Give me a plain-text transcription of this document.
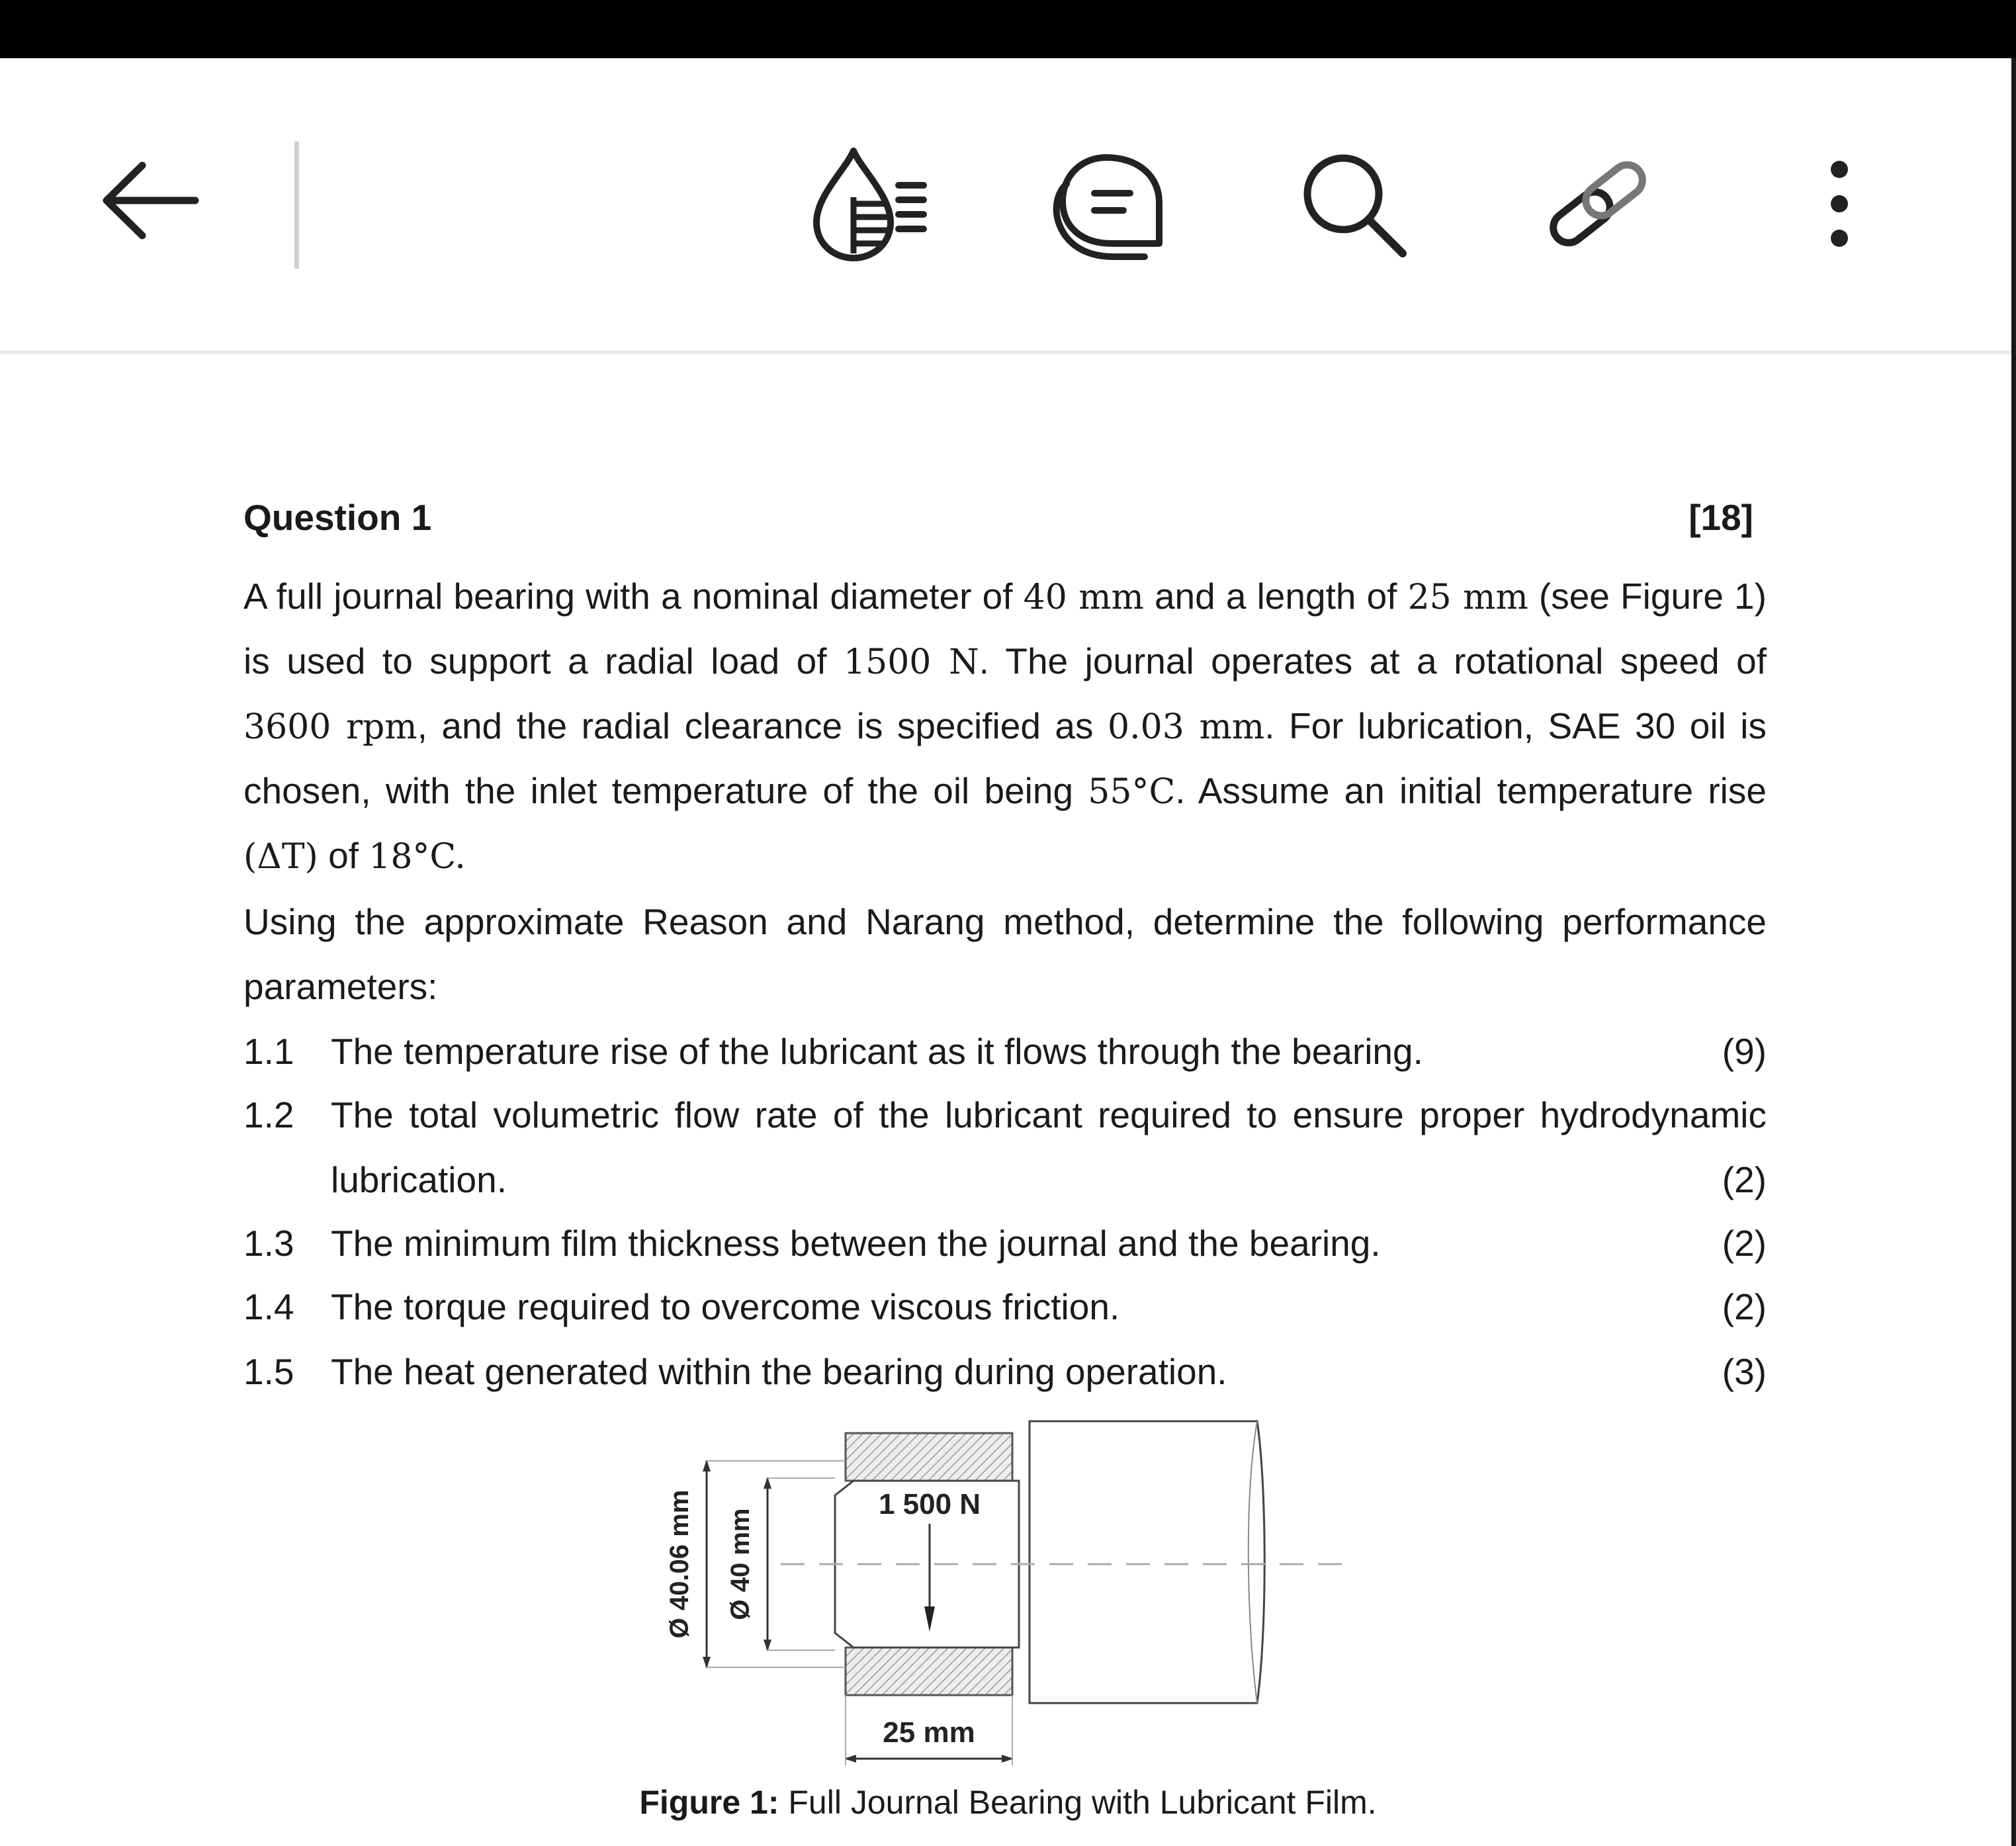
Question 1	[18]
A full journal bearing with a nominal diameter of 40 mm and a length of 25 mm (see Figure 1)
is used to support a radial load of 1500 N. The journal operates at a rotational speed of
3600 rpm, and the radial clearance is specified as 0.03 mm. For lubrication, SAE 30 oil is
chosen, with the inlet temperature of the oil being 55°C. Assume an initial temperature rise
(ΔT) of 18°C.
Using the approximate Reason and Narang method, determine the following performance
parameters:
1.1 The temperature rise of the lubricant as it flows through the bearing.	(9)
1.2 The total volumetric flow rate of the lubricant required to ensure proper hydrodynamic
lubrication.	(2)
1.3 The minimum film thickness between the journal and the bearing.	(2)
1.4 The torque required to overcome viscous friction.	(2)
1.5 The heat generated within the bearing during operation.	(3)
1 500 N
25 mm
Ø 40.06 mm Ø 40 mm
Figure 1: Full Journal Bearing with Lubricant Film.
